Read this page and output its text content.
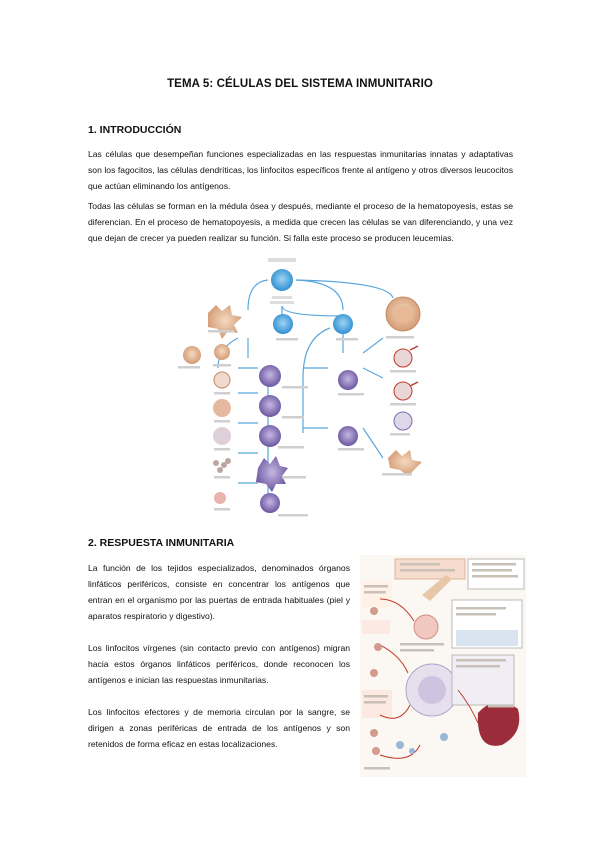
TEMA 5: CÉLULAS DEL SISTEMA INMUNITARIO
1. INTRODUCCIÓN

Las células que desempeñan funciones especializadas en las respuestas inmunitarias innatas y adaptativas son los fagocitos, las células dendríticas, los linfocitos específicos frente al antígeno y otros diversos leucocitos que actúan eliminando los antígenos.

Todas las células se forman en la médula ósea y después, mediante el proceso de la hematopoyesis, estas se diferencian. En el proceso de hematopoyesis, a medida que crecen las células se van diferenciando, y una vez que dejan de crecer ya pueden realizar su función. Si falla este proceso se producen leucemias.

2. RESPUESTA INMUNITARIA

La función de los tejidos especializados, denominados órganos linfáticos periféricos, consiste en concentrar los antígenos que entran en el organismo por las puertas de entrada habituales (piel y aparatos respiratorio y digestivo).

Los linfocitos vírgenes (sin contacto previo con antígenos) migran hacia estos órganos linfáticos periféricos, donde reconocen los antígenos e inician las respuestas inmunitarias.

Los linfocitos efectores y de memoria circulan por la sangre, se dirigen a zonas periféricas de entrada de los antígenos y son retenidos de forma eficaz en estas localizaciones.
